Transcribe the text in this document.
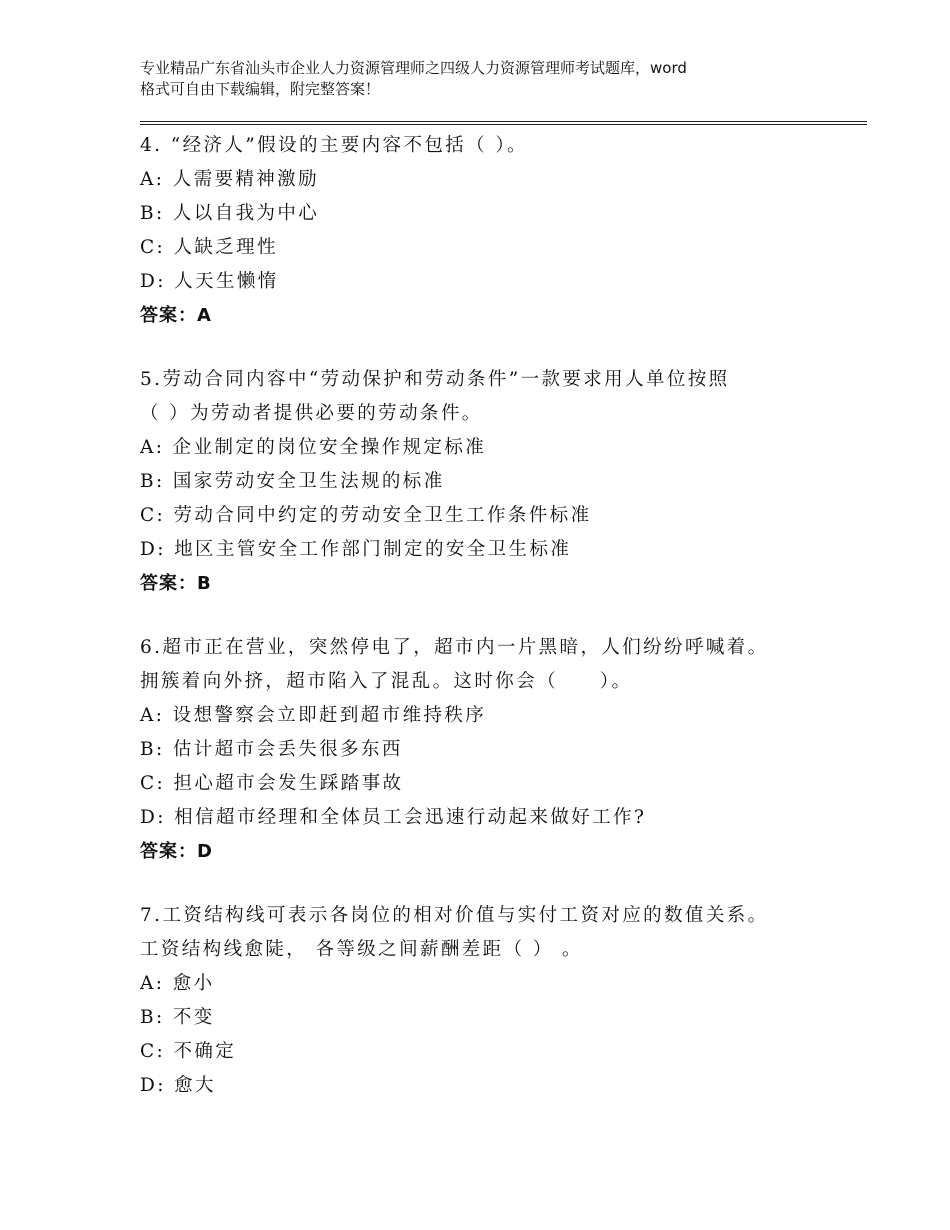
专业精品广东省汕头市企业人力资源管理师之四级人力资源管理师考试题库，word
格式可自由下载编辑，附完整答案！
4. “经济人”假设的主要内容不包括（ ）。
A: 人需要精神激励
B: 人以自我为中心
C: 人缺乏理性
D: 人天生懒惰
答案：A
5.劳动合同内容中“劳动保护和劳动条件”一款要求用人单位按照
（ ）为劳动者提供必要的劳动条件。
A: 企业制定的岗位安全操作规定标准
B: 国家劳动安全卫生法规的标准
C: 劳动合同中约定的劳动安全卫生工作条件标准
D: 地区主管安全工作部门制定的安全卫生标准
答案：B
6.超市正在营业，突然停电了，超市内一片黑暗，人们纷纷呼喊着。
拥簇着向外挤，超市陷入了混乱。这时你会（　　）。
A: 设想警察会立即赶到超市维持秩序
B: 估计超市会丢失很多东西
C: 担心超市会发生踩踏事故
D: 相信超市经理和全体员工会迅速行动起来做好工作?
答案：D
7.工资结构线可表示各岗位的相对价值与实付工资对应的数值关系。
工资结构线愈陡， 各等级之间薪酬差距（ ） 。
A: 愈小
B: 不变
C: 不确定
D: 愈大
